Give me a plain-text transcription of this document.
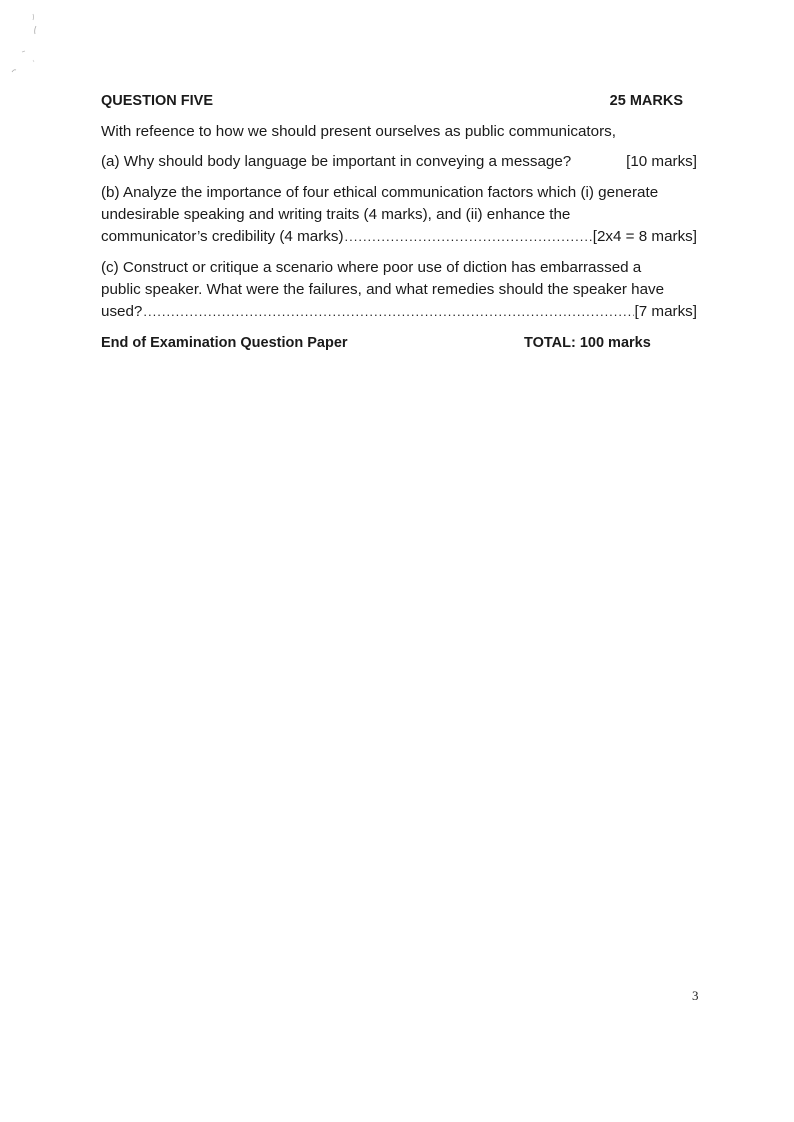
QUESTION FIVE	25 MARKS

With refeence to how we should present ourselves as public communicators,

(a) Why should body language be important in conveying a message?	[10 marks]
(b) Analyze the importance of four ethical communication factors which (i) generate
undesirable speaking and writing traits (4 marks), and (ii) enhance the
communicator’s credibility (4 marks) .....	[2x4 = 8 marks]
(c) Construct or critique a scenario where poor use of diction has embarrassed a
public speaker. What were the failures, and what remedies should the speaker have
used? .....	[7 marks]
End of Examination Question Paper	TOTAL: 100 marks
3
